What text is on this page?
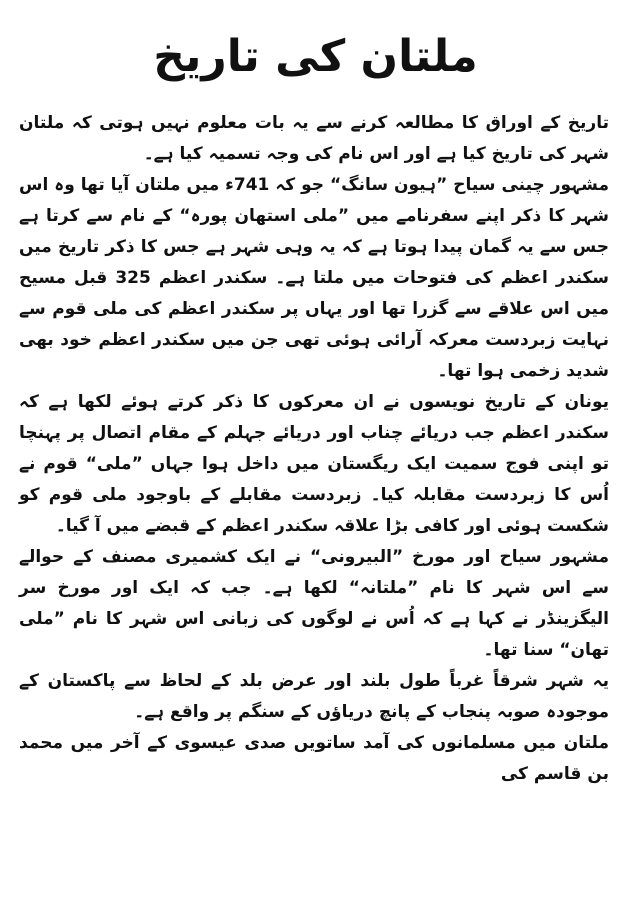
ملتان کی تاریخ

تاریخ کے اوراق کا مطالعہ کرنے سے یہ بات معلوم نہیں ہوتی کہ ملتان شہر کی تاریخ کیا ہے اور اس نام کی وجہ تسمیہ کیا ہے۔

مشہور چینی سیاح ”ہیون سانگ“ جو کہ 741ء میں ملتان آیا تھا وہ اس شہر کا ذکر اپنے سفرنامے میں ”ملی استھان پورہ“ کے نام سے کرتا ہے جس سے یہ گمان پیدا ہوتا ہے کہ یہ وہی شہر ہے جس کا ذکر تاریخ میں سکندر اعظم کی فتوحات میں ملتا ہے۔ سکندر اعظم 325 قبل مسیح میں اس علاقے سے گزرا تھا اور یہاں پر سکندر اعظم کی ملی قوم سے نہایت زبردست معرکہ آرائی ہوئی تھی جن میں سکندر اعظم خود بھی شدید زخمی ہوا تھا۔

یونان کے تاریخ نویسوں نے ان معرکوں کا ذکر کرتے ہوئے لکھا ہے کہ سکندر اعظم جب دریائے چناب اور دریائے جہلم کے مقام اتصال پر پہنچا تو اپنی فوج سمیت ایک ریگستان میں داخل ہوا جہاں ”ملی“ قوم نے اُس کا زبردست مقابلہ کیا۔ زبردست مقابلے کے باوجود ملی قوم کو شکست ہوئی اور کافی بڑا علاقہ سکندر اعظم کے قبضے میں آ گیا۔

مشہور سیاح اور مورخ ”البیرونی“ نے ایک کشمیری مصنف کے حوالے سے اس شہر کا نام ”ملتانہ“ لکھا ہے۔ جب کہ ایک اور مورخ سر الیگزینڈر نے کہا ہے کہ اُس نے لوگوں کی زبانی اس شہر کا نام ”ملی تھان“ سنا تھا۔

یہ شہر شرقاً غرباً طول بلند اور عرض بلد کے لحاظ سے پاکستان کے موجودہ صوبہ پنجاب کے پانچ دریاؤں کے سنگم پر واقع ہے۔

ملتان میں مسلمانوں کی آمد ساتویں صدی عیسوی کے آخر میں محمد بن قاسم کی
